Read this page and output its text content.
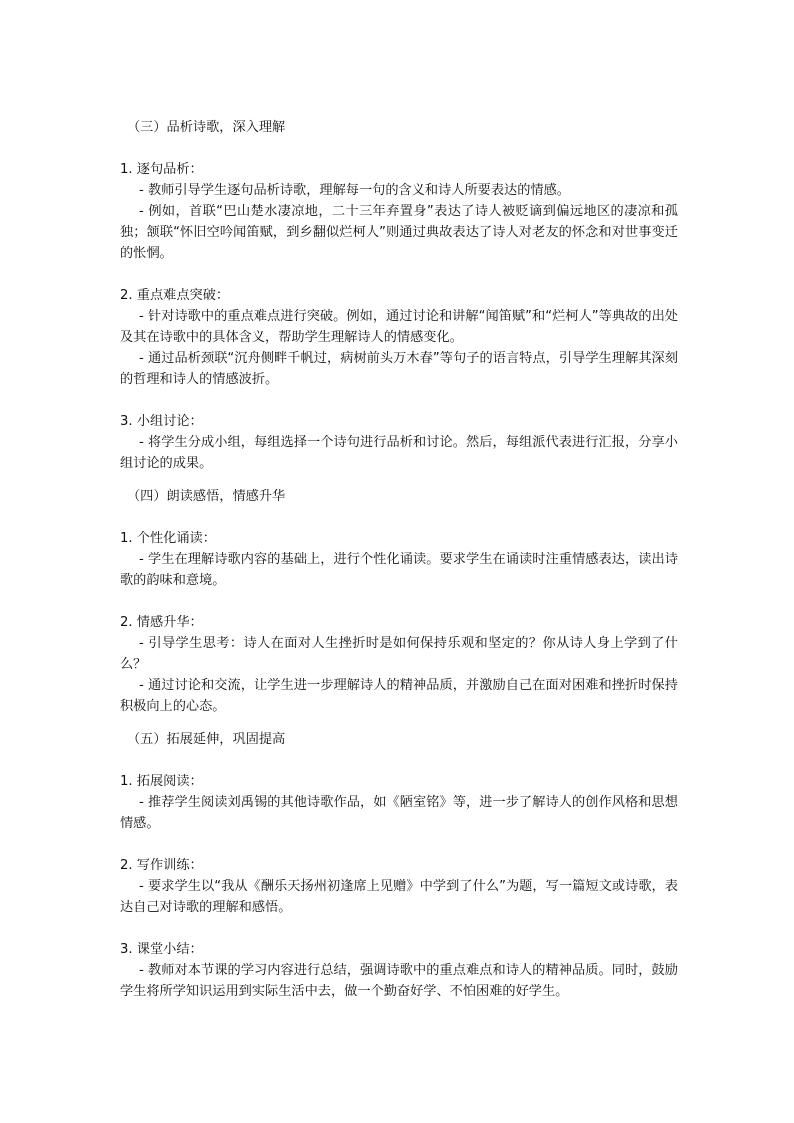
（三）品析诗歌，深入理解

1. 逐句品析：

- 教师引导学生逐句品析诗歌，理解每一句的含义和诗人所要表达的情感。

- 例如，首联“巴山楚水凄凉地，二十三年弃置身”表达了诗人被贬谪到偏远地区的凄凉和孤独；颔联“怀旧空吟闻笛赋，到乡翻似烂柯人”则通过典故表达了诗人对老友的怀念和对世事变迁的怅惘。

2. 重点难点突破：

- 针对诗歌中的重点难点进行突破。例如，通过讨论和讲解“闻笛赋”和“烂柯人”等典故的出处及其在诗歌中的具体含义，帮助学生理解诗人的情感变化。

- 通过品析颈联“沉舟侧畔千帆过，病树前头万木春”等句子的语言特点，引导学生理解其深刻的哲理和诗人的情感波折。

3. 小组讨论：

- 将学生分成小组，每组选择一个诗句进行品析和讨论。然后，每组派代表进行汇报，分享小组讨论的成果。

（四）朗读感悟，情感升华

1. 个性化诵读：

- 学生在理解诗歌内容的基础上，进行个性化诵读。要求学生在诵读时注重情感表达，读出诗歌的韵味和意境。

2. 情感升华：

- 引导学生思考：诗人在面对人生挫折时是如何保持乐观和坚定的？你从诗人身上学到了什么？

- 通过讨论和交流，让学生进一步理解诗人的精神品质，并激励自己在面对困难和挫折时保持积极向上的心态。

（五）拓展延伸，巩固提高

1. 拓展阅读：

- 推荐学生阅读刘禹锡的其他诗歌作品，如《陋室铭》等，进一步了解诗人的创作风格和思想情感。

2. 写作训练：

- 要求学生以“我从《酬乐天扬州初逢席上见赠》中学到了什么”为题，写一篇短文或诗歌，表达自己对诗歌的理解和感悟。

3. 课堂小结：

- 教师对本节课的学习内容进行总结，强调诗歌中的重点难点和诗人的精神品质。同时，鼓励学生将所学知识运用到实际生活中去，做一个勤奋好学、不怕困难的好学生。
